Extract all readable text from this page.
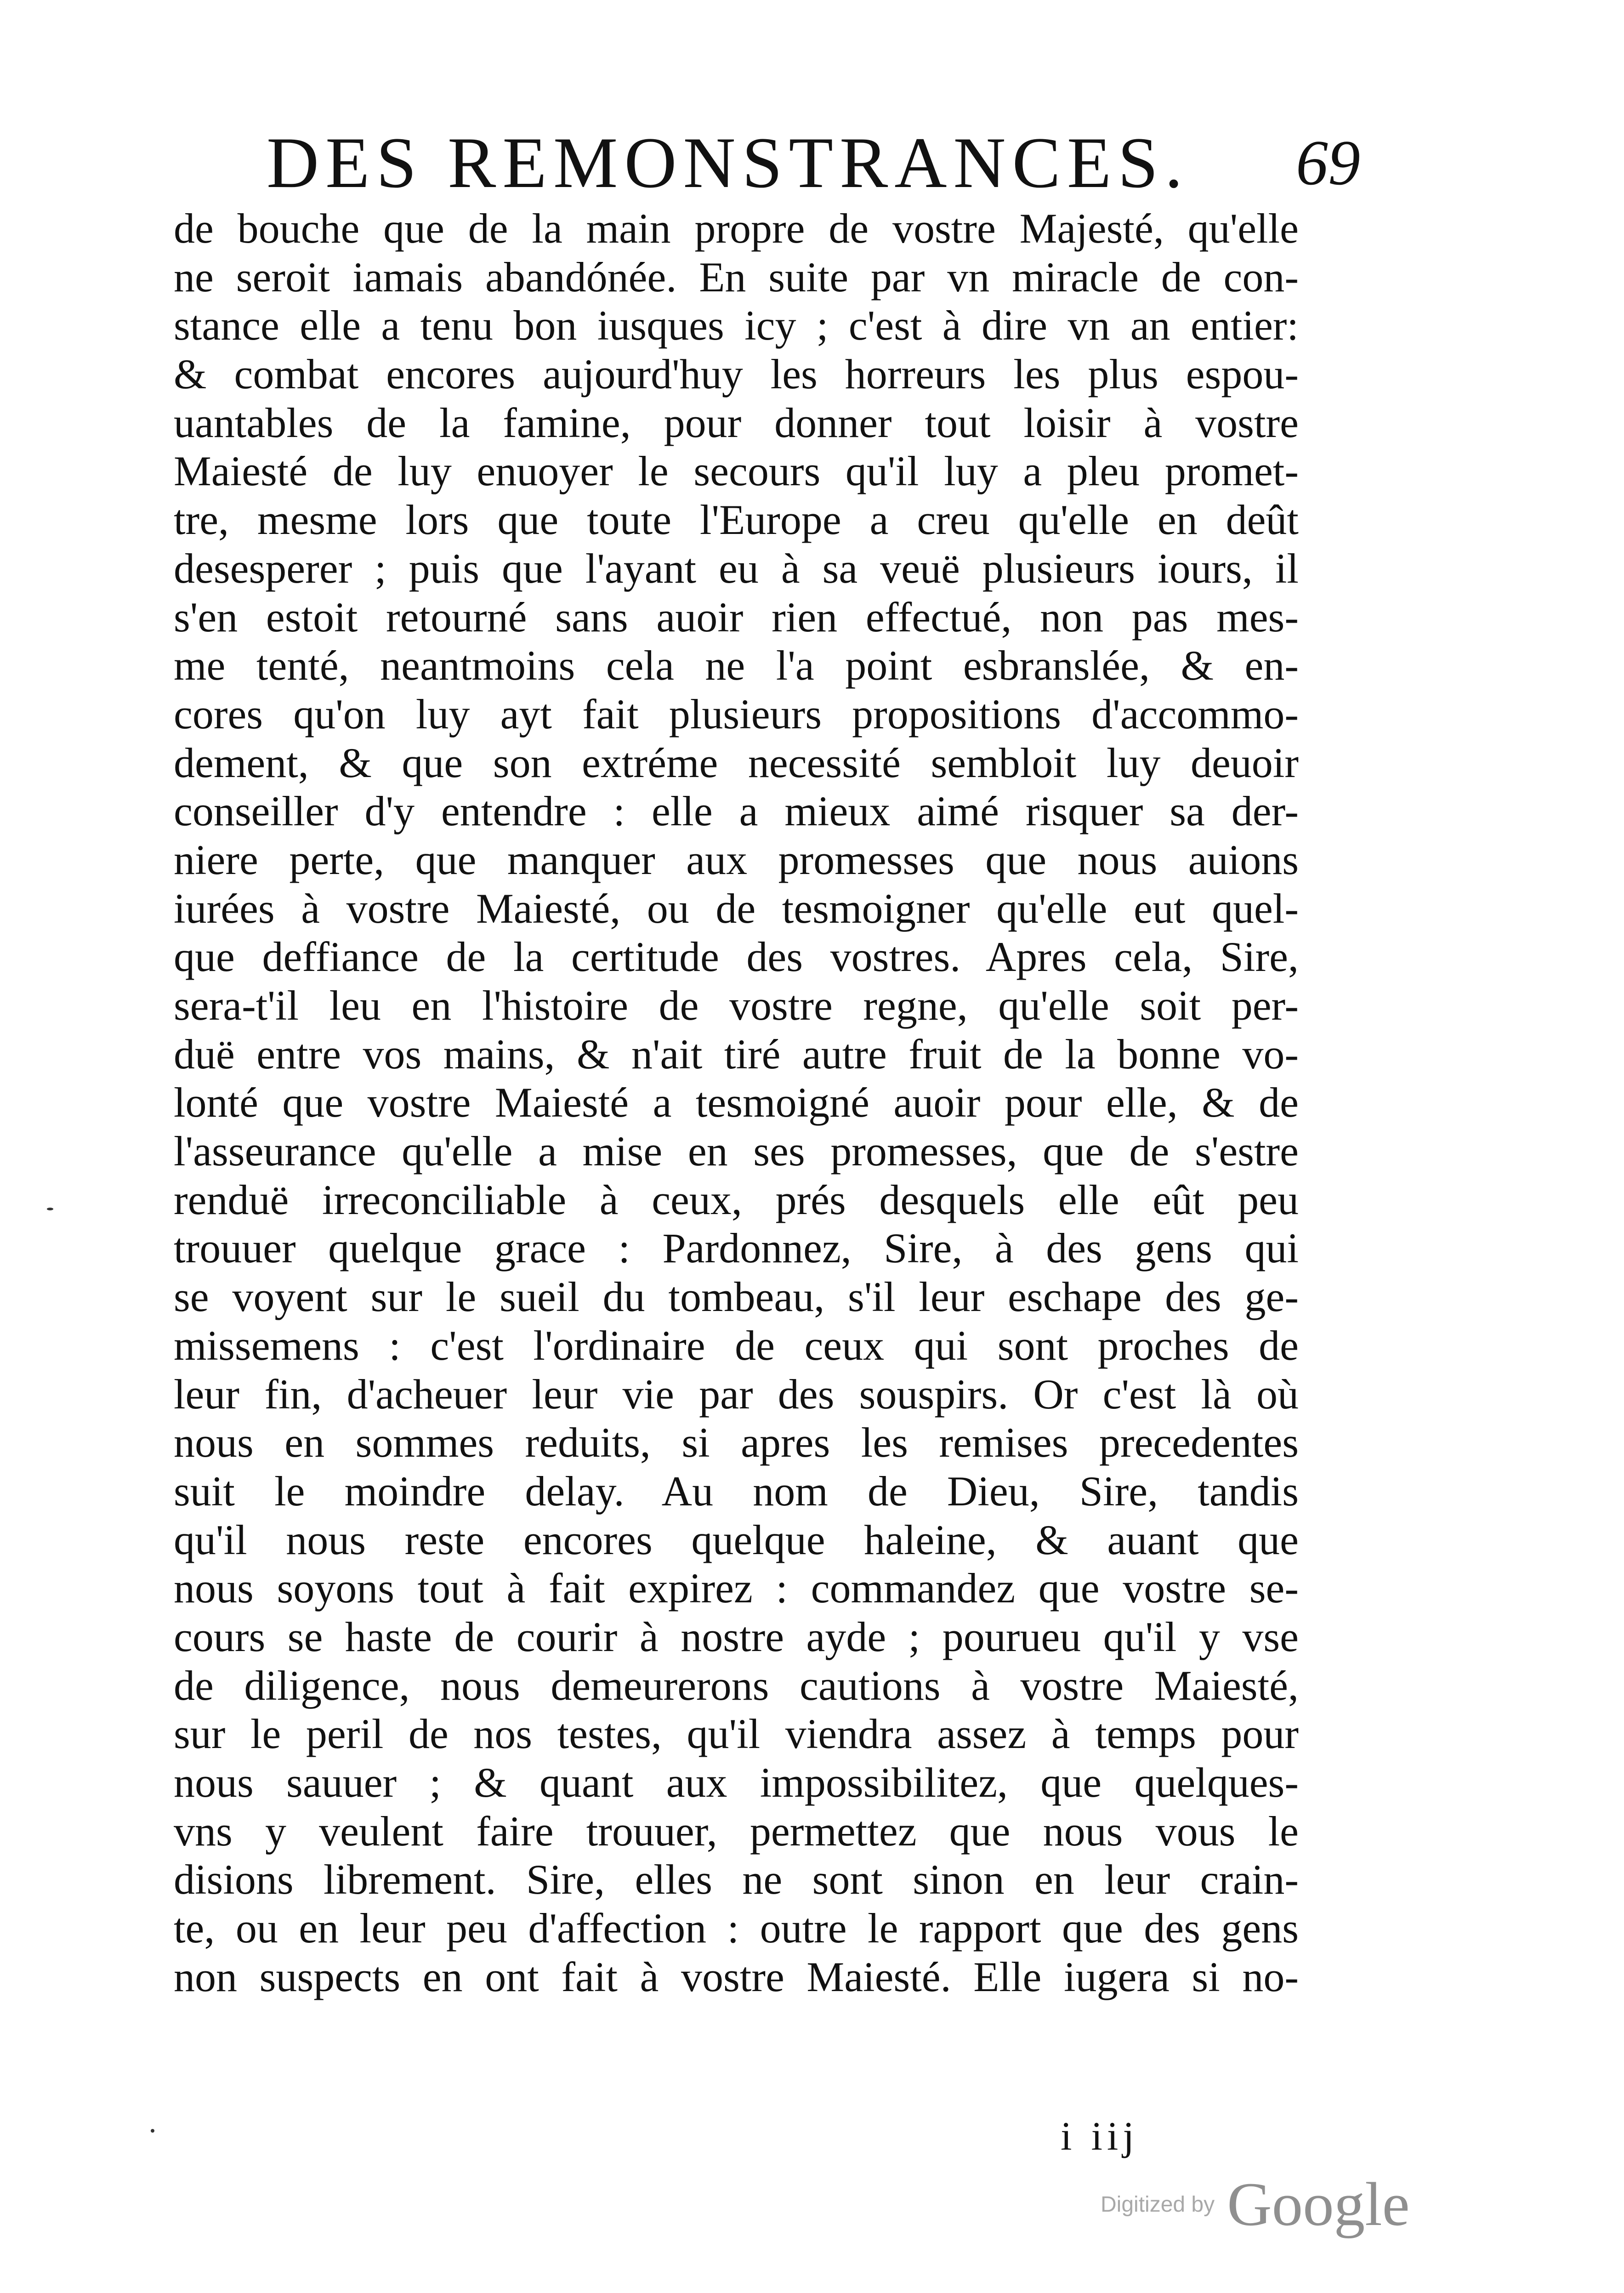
DES REMONSTRANCES. 69
de bouche que de la main propre de vostre Majesté, qu'elle
ne seroit iamais abandónée. En suite par vn miracle de con-
stance elle a tenu bon iusques icy ; c'est à dire vn an entier:
& combat encores aujourd'huy les horreurs les plus espou-
uantables de la famine, pour donner tout loisir à vostre
Maiesté de luy enuoyer le secours qu'il luy a pleu promet-
tre, mesme lors que toute l'Europe a creu qu'elle en deût
desesperer ; puis que l'ayant eu à sa veuë plusieurs iours, il
s'en estoit retourné sans auoir rien effectué, non pas mes-
me tenté, neantmoins cela ne l'a point esbranslée, & en-
cores qu'on luy ayt fait plusieurs propositions d'accommo-
dement, & que son extréme necessité sembloit luy deuoir
conseiller d'y entendre : elle a mieux aimé risquer sa der-
niere perte, que manquer aux promesses que nous auions
iurées à vostre Maiesté, ou de tesmoigner qu'elle eut quel-
que deffiance de la certitude des vostres. Apres cela, Sire,
sera-t'il leu en l'histoire de vostre regne, qu'elle soit per-
duë entre vos mains, & n'ait tiré autre fruit de la bonne vo-
lonté que vostre Maiesté a tesmoigné auoir pour elle, & de
l'asseurance qu'elle a mise en ses promesses, que de s'estre
renduë irreconciliable à ceux, prés desquels elle eût peu
trouuer quelque grace : Pardonnez, Sire, à des gens qui
se voyent sur le sueil du tombeau, s'il leur eschape des ge-
missemens : c'est l'ordinaire de ceux qui sont proches de
leur fin, d'acheuer leur vie par des souspirs. Or c'est là où
nous en sommes reduits, si apres les remises precedentes
suit le moindre delay. Au nom de Dieu, Sire, tandis
qu'il nous reste encores quelque haleine, & auant que
nous soyons tout à fait expirez : commandez que vostre se-
cours se haste de courir à nostre ayde ; pourueu qu'il y vse
de diligence, nous demeurerons cautions à vostre Maiesté,
sur le peril de nos testes, qu'il viendra assez à temps pour
nous sauuer ; & quant aux impossibilitez, que quelques-
vns y veulent faire trouuer, permettez que nous vous le
disions librement. Sire, elles ne sont sinon en leur crain-
te, ou en leur peu d'affection : outre le rapport que des gens
non suspects en ont fait à vostre Maiesté. Elle iugera si no-
i iij
Digitized by Google
